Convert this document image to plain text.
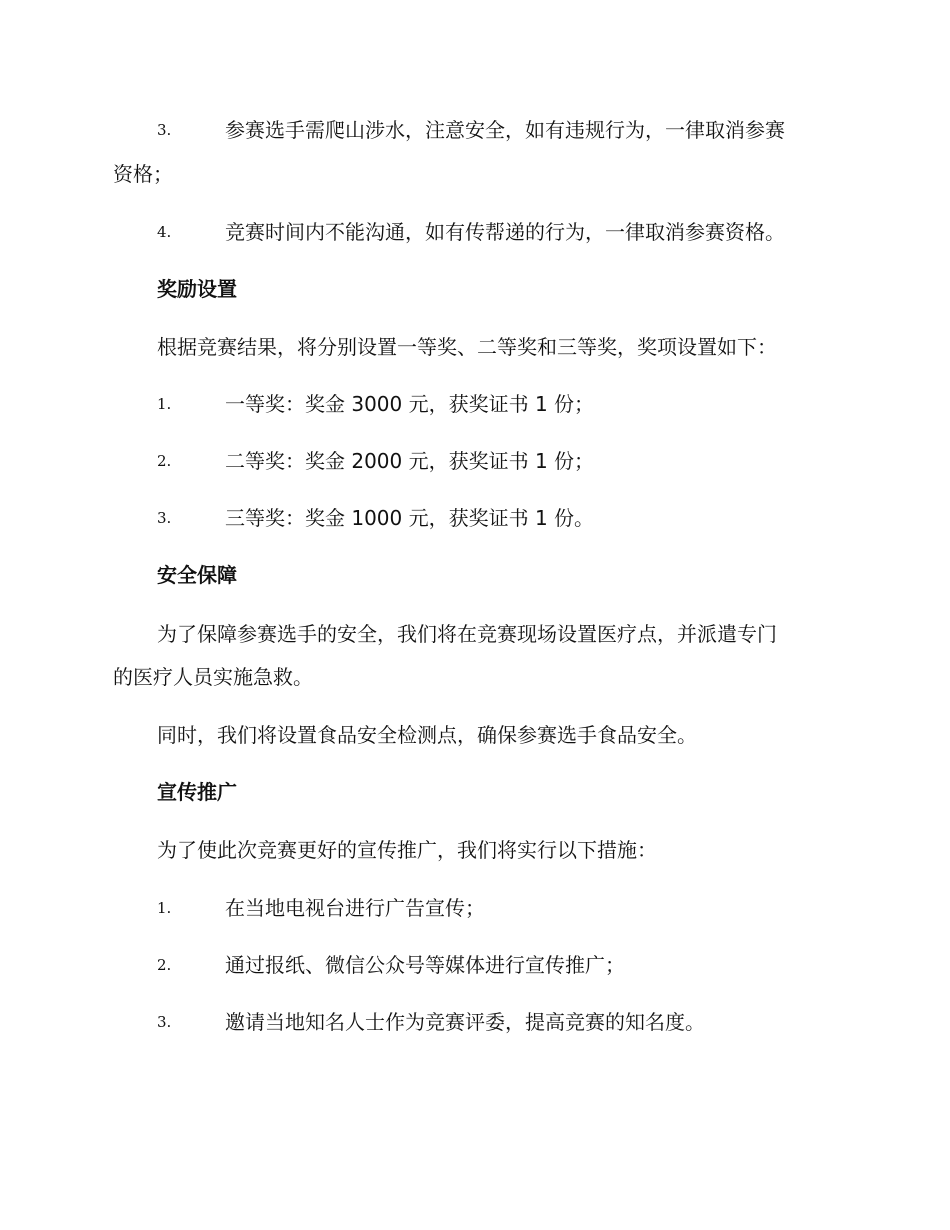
3.	参赛选手需爬山涉水，注意安全，如有违规行为，一律取消参赛
资格；
4.	竞赛时间内不能沟通，如有传帮递的行为，一律取消参赛资格。
奖励设置
根据竞赛结果，将分别设置一等奖、二等奖和三等奖，奖项设置如下：
1.	一等奖：奖金 3000 元，获奖证书 1 份；
2.	二等奖：奖金 2000 元，获奖证书 1 份；
3.	三等奖：奖金 1000 元，获奖证书 1 份。
安全保障
为了保障参赛选手的安全，我们将在竞赛现场设置医疗点，并派遣专门
的医疗人员实施急救。
同时，我们将设置食品安全检测点，确保参赛选手食品安全。
宣传推广
为了使此次竞赛更好的宣传推广，我们将实行以下措施：
1.	在当地电视台进行广告宣传；
2.	通过报纸、微信公众号等媒体进行宣传推广；
3.	邀请当地知名人士作为竞赛评委，提高竞赛的知名度。
